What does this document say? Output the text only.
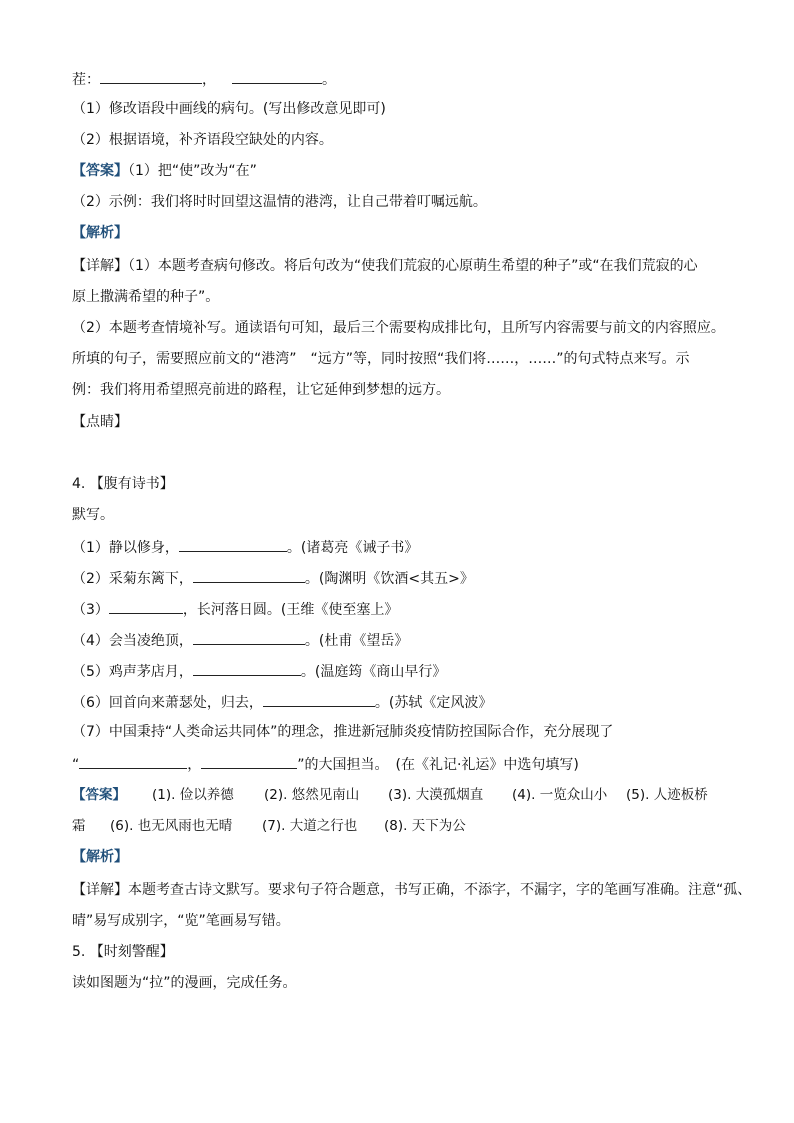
茬：	，	。

（1）修改语段中画线的病句。(写出修改意见即可)

（2）根据语境，补齐语段空缺处的内容。

【答案】（1）把“使”改为“在”

（2）示例：我们将时时回望这温情的港湾，让自己带着叮嘱远航。

【解析】

【详解】（1）本题考查病句修改。将后句改为“使我们荒寂的心原萌生希望的种子”或“在我们荒寂的心

原上撒满希望的种子”。

（2）本题考查情境补写。通读语句可知，最后三个需要构成排比句，且所写内容需要与前文的内容照应。

所填的句子，需要照应前文的“港湾”　“远方”等，同时按照“我们将……，……”的句式特点来写。示

例：我们将用希望照亮前进的路程，让它延伸到梦想的远方。

【点睛】

4. 【腹有诗书】

默写。

（1）静以修身，	。(诸葛亮《诫子书》

（2）采菊东篱下，	。(陶渊明《饮酒<其五>》

（3）	，长河落日圆。(王维《使至塞上》

（4）会当凌绝顶，	。(杜甫《望岳》

（5）鸡声茅店月，	。(温庭筠《商山早行》

（6）回首向来萧瑟处，归去，	。(苏轼《定风波》

（7）中国秉持“人类命运共同体”的理念，推进新冠肺炎疫情防控国际合作，充分展现了

“	，	”的大国担当。　(在《礼记·礼运》中选句填写)

【答案】 (1). 俭以养德 (2). 悠然见南山 (3). 大漠孤烟直 (4). 一览众山小 (5). 人迹板桥

霜 (6). 也无风雨也无晴 (7). 大道之行也 (8). 天下为公

【解析】

【详解】本题考查古诗文默写。要求句子符合题意，书写正确，不添字，不漏字，字的笔画写准确。注意“孤、

晴”易写成别字，“览”笔画易写错。

5. 【时刻警醒】

读如图题为“拉”的漫画，完成任务。
